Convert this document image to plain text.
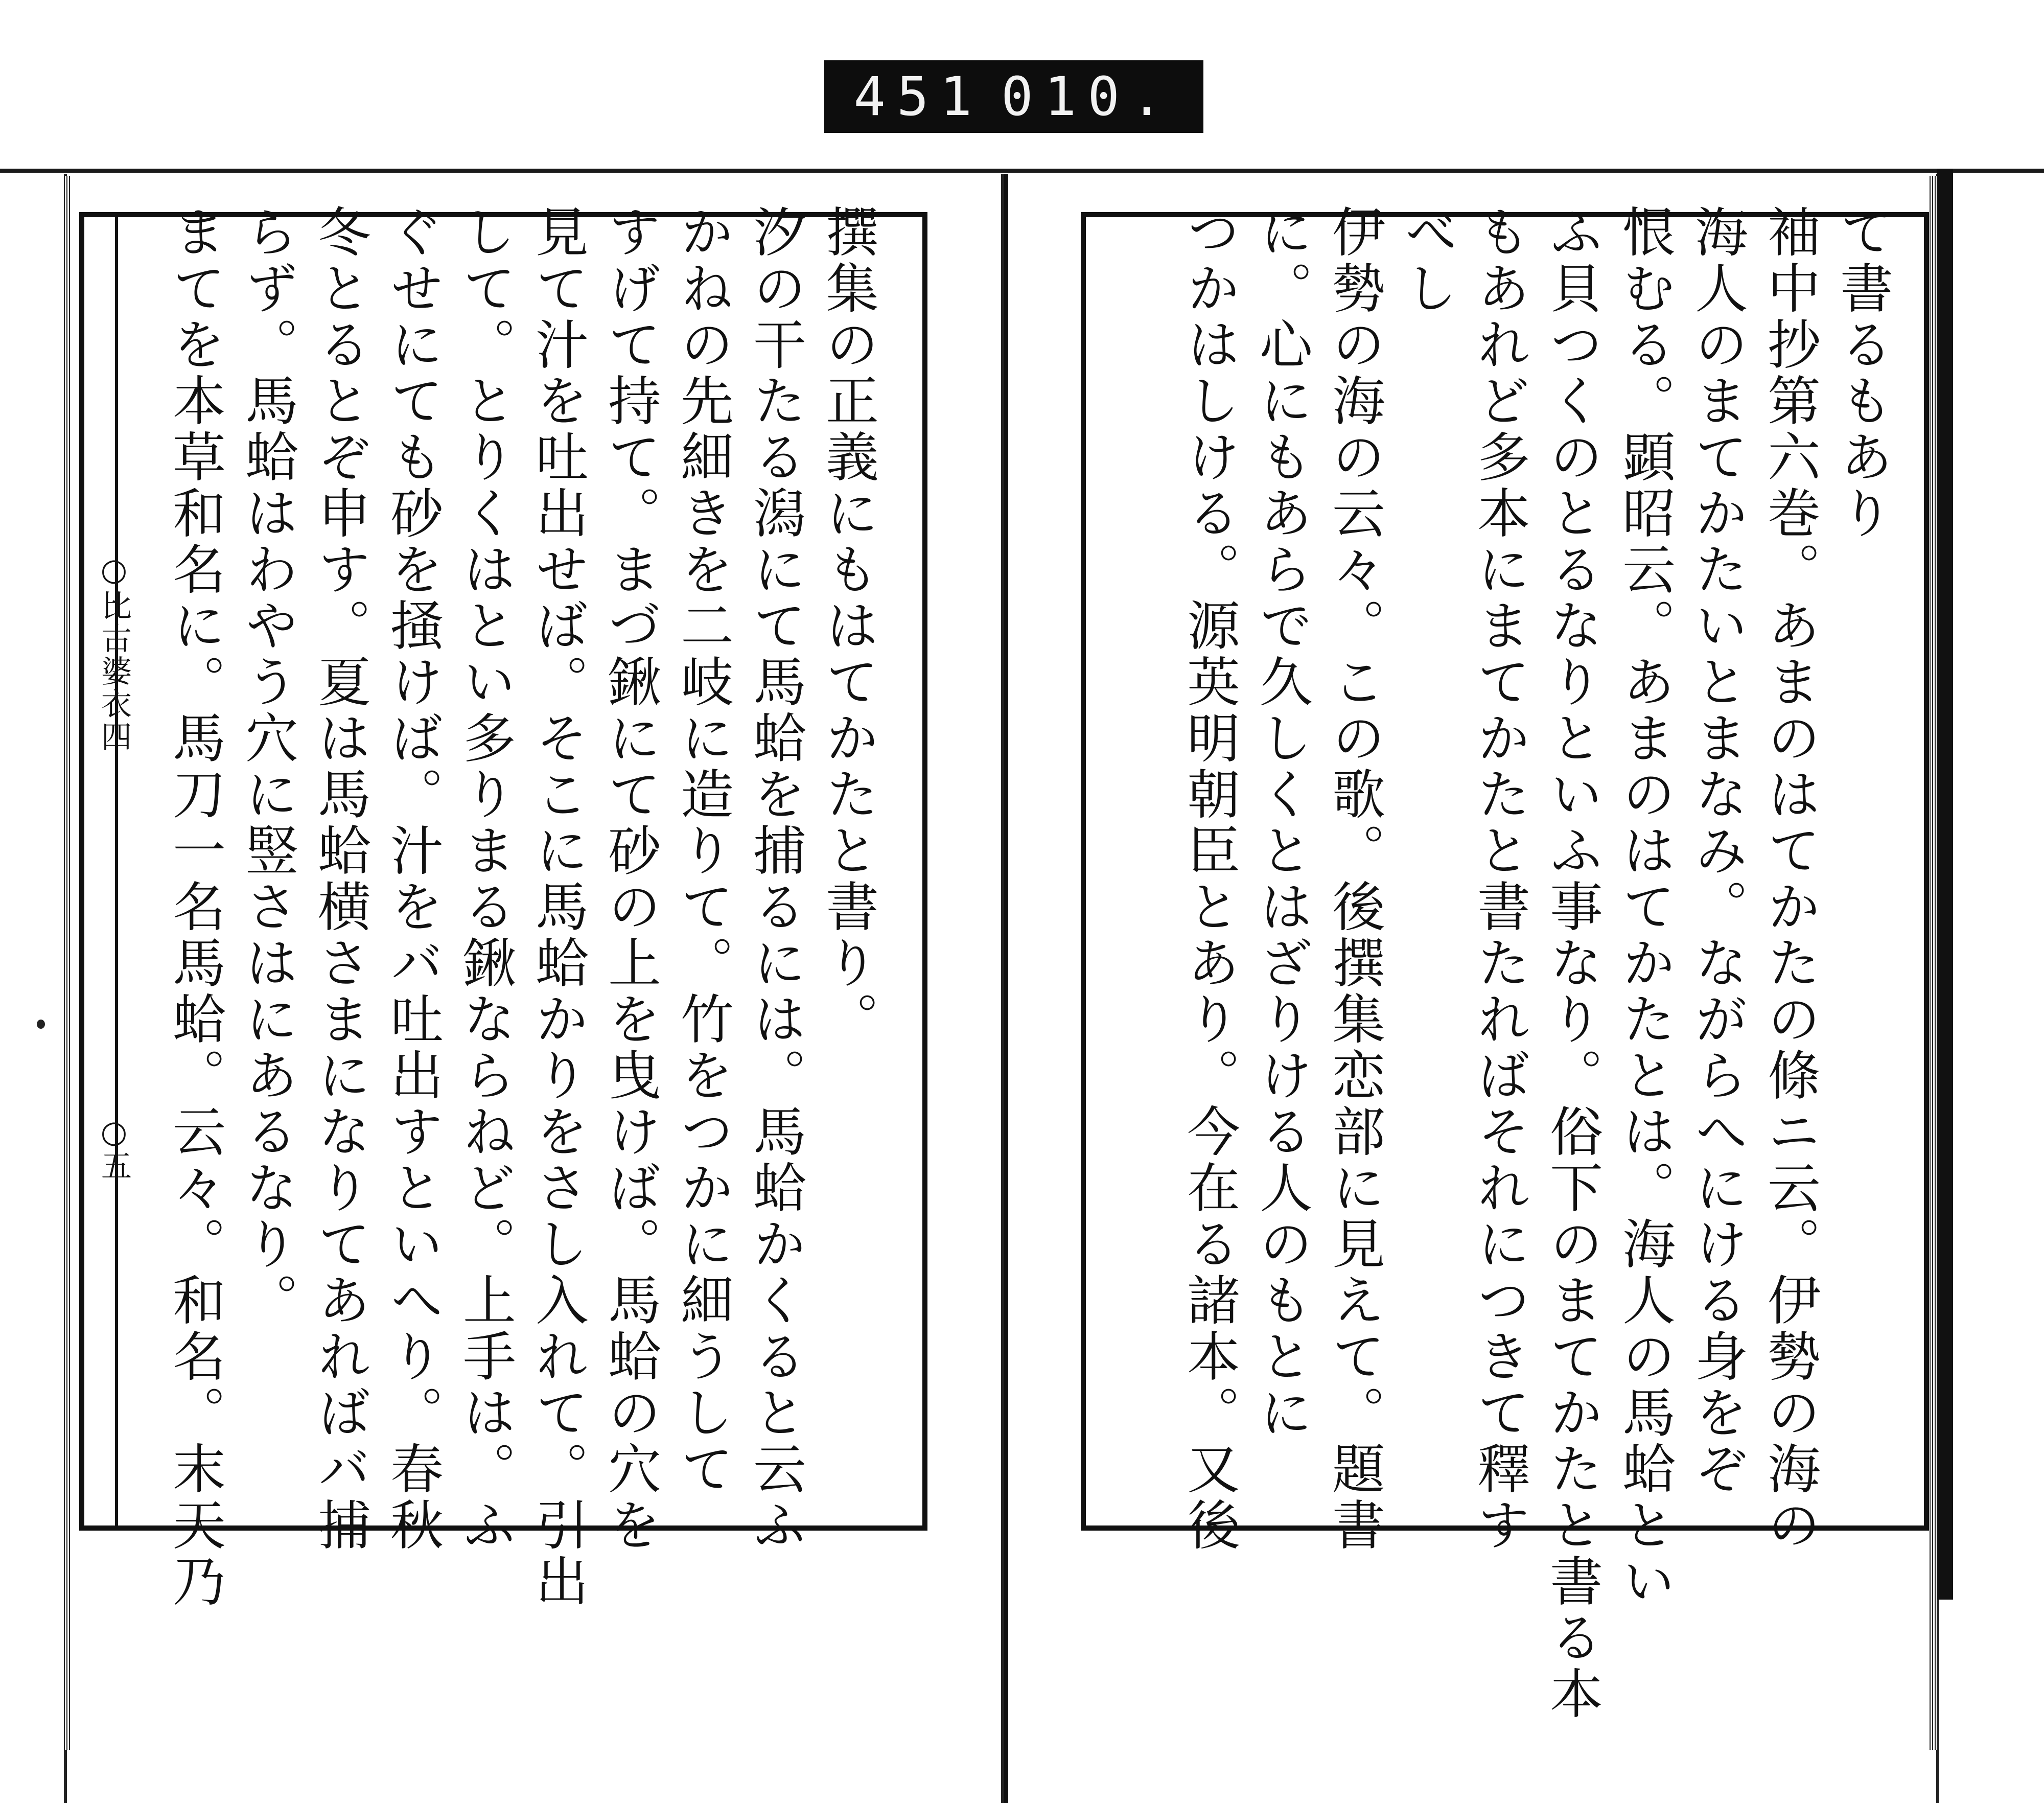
451 010.
○比古婆衣四
○五
て書るもあり
袖中抄第六巻。あまのはてかたの條ニ云。伊勢の海の
海人のまてかたいとまなみ。ながらへにける身をぞ
恨むる。顕昭云。あまのはてかたとは。海人の馬蛤とい
ふ貝つくのとるなりといふ事なり。俗下のまてかたと書る本
もあれど多本にまてかたと書たればそれにつきて釋す
べし
伊勢の海の云々。この歌。後撰集恋部に見えて。題書
に。心にもあらで久しくとはざりける人のもとに
つかはしける。源英明朝臣とあり。今在る諸本。又後
撰集の正義にもはてかたと書り。
汐の干たる潟にて馬蛤を捕るには。馬蛤かくると云ふ
かねの先細きを二岐に造りて。竹をつかに細うして
すげて持て。まづ鍬にて砂の上を曳けば。馬蛤の穴を
見て汁を吐出せば。そこに馬蛤かりをさし入れて。引出
して。とりくはとい多りまる鍬ならねど。上手は。ふ
ぐせにても砂を掻けば。汁をバ吐出すといへり。春秋
冬とるとぞ申す。夏は馬蛤横さまになりてあればバ捕
らず。馬蛤はわやう穴に竪さはにあるなり。
まてを本草和名に。馬刀一名馬蛤。云々。和名。末天乃
